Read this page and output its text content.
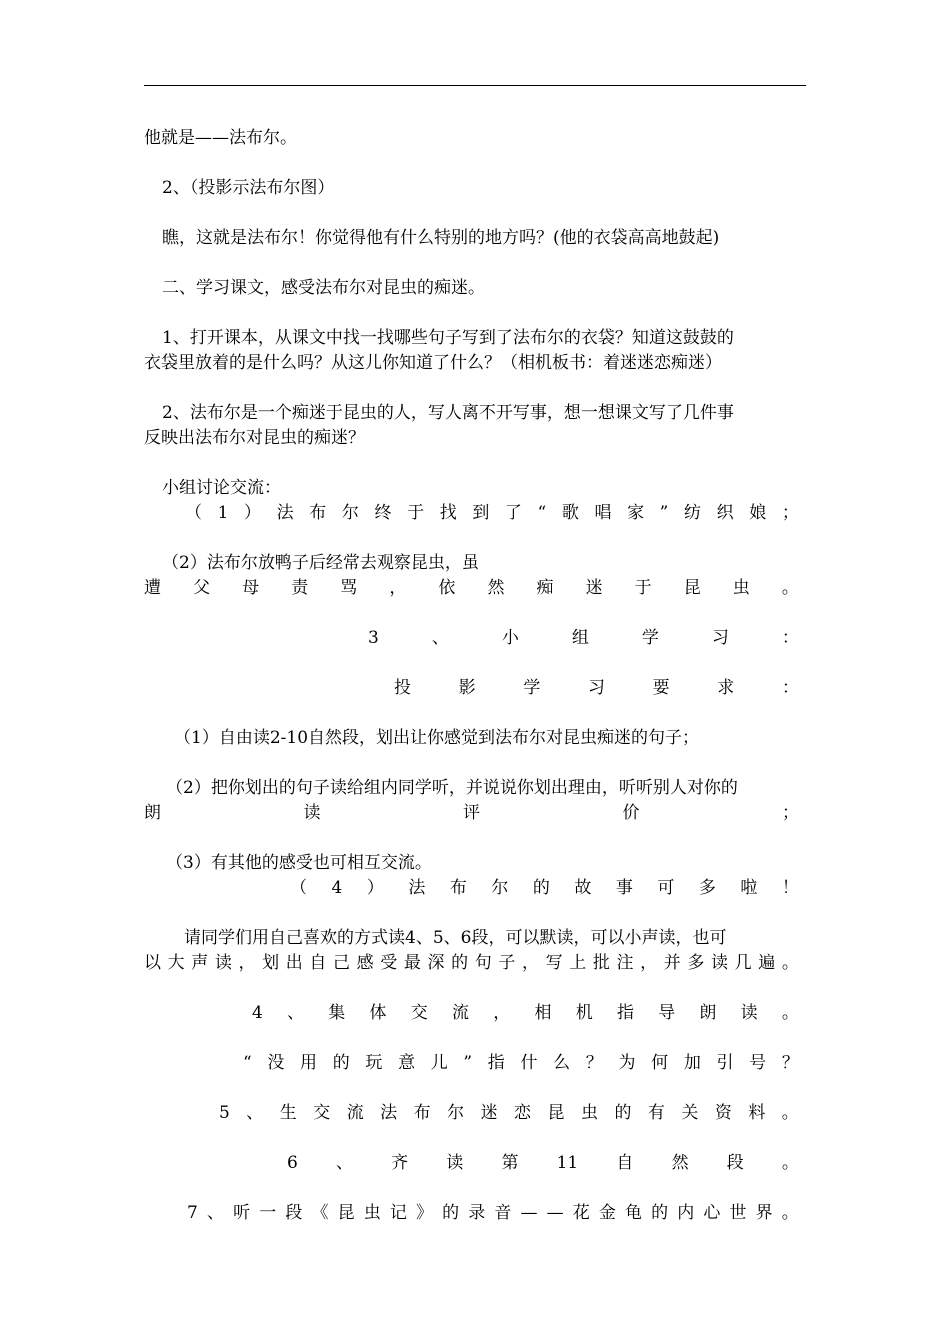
他就是——法布尔。
2、（投影示法布尔图）
瞧，这就是法布尔！你觉得他有什么特别的地方吗？(他的衣袋高高地鼓起)
二、学习课文，感受法布尔对昆虫的痴迷。
1、打开课本，从课文中找一找哪些句子写到了法布尔的衣袋？知道这鼓鼓的
衣袋里放着的是什么吗？从这儿你知道了什么？（相机板书：着迷迷恋痴迷）
2、法布尔是一个痴迷于昆虫的人，写人离不开写事，想一想课文写了几件事
反映出法布尔对昆虫的痴迷？
小组讨论交流：
（ 1 ） 法 布 尔 终 于 找 到 了 “ 歌 唱 家 ” 纺 织 娘 ；
（2）法布尔放鸭子后经常去观察昆虫，虽
遭 父 母 责 骂 ， 依 然 痴 迷 于 昆 虫 。
3	、	小	组	学	习	：
投	影	学	习	要	求	：
（1）自由读2-10自然段，划出让你感觉到法布尔对昆虫痴迷的句子；
（2）把你划出的句子读给组内同学听，并说说你划出理由，听听别人对你的
朗	读	评	价	；
（3）有其他的感受也可相互交流。
（ 4 ） 法 布 尔 的 故 事 可 多 啦 ！
请同学们用自己喜欢的方式读4、5、6段，可以默读，可以小声读，也可
以 大 声 读 ， 划 出 自 己 感 受 最 深 的 句 子 ， 写 上 批 注 ， 并 多 读 几 遍 。
4 、 集 体 交 流 ， 相 机 指 导 朗 读 。
“ 没 用 的 玩 意 儿 ” 指 什 么 ？ 为 何 加 引 号 ？
5 、 生 交 流 法 布 尔 迷 恋 昆 虫 的 有 关 资 料 。
6 、 齐 读 第 11 自 然 段 。
7 、 听 一 段 《 昆 虫 记 》 的 录 音 — — 花 金 龟 的 内 心 世 界 。
